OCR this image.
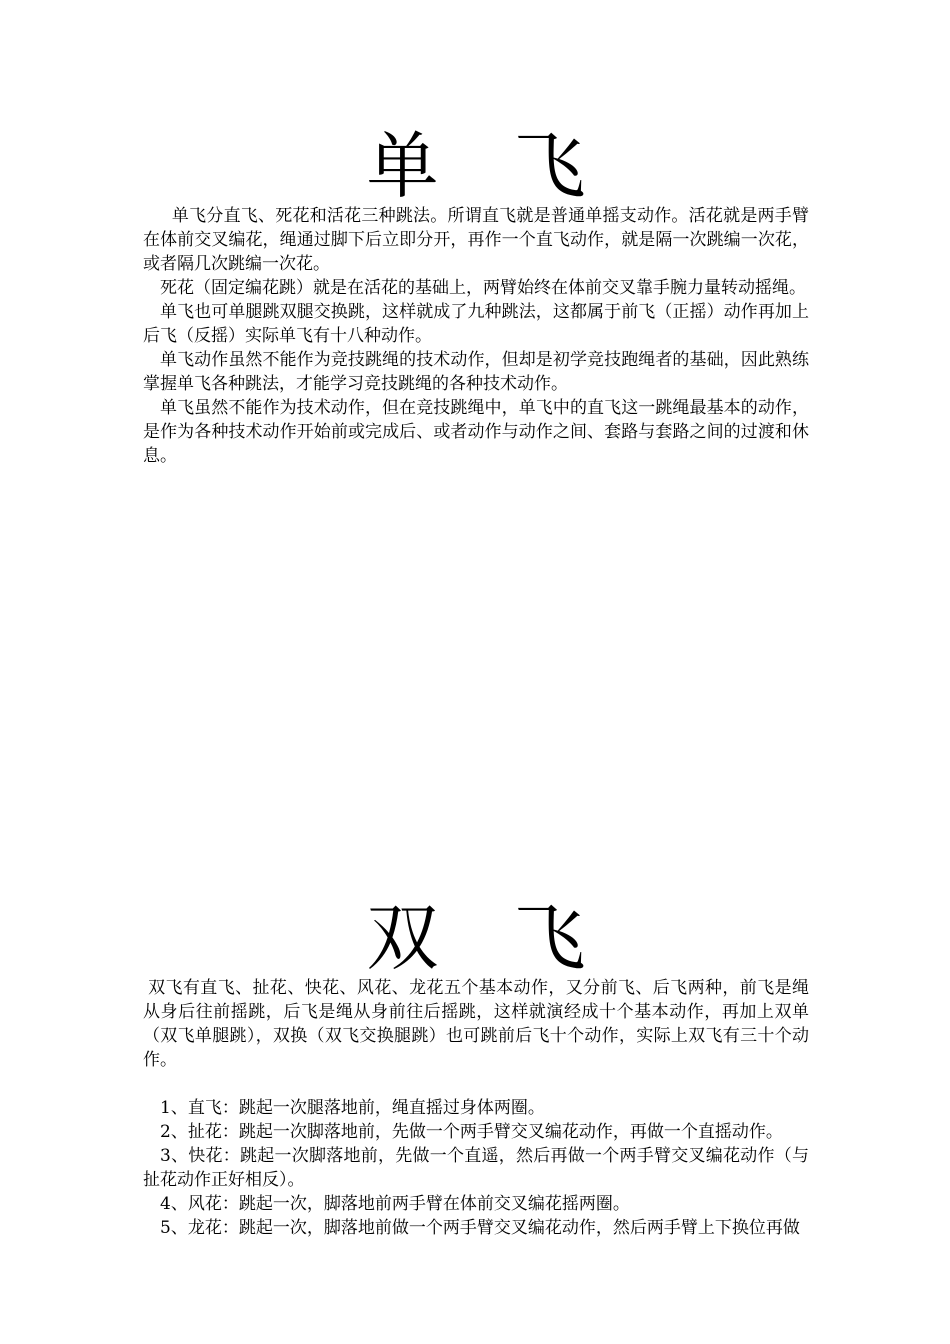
单 飞

单飞分直飞、死花和活花三种跳法。所谓直飞就是普通单摇支动作。活花就是两手臂在体前交叉编花，绳通过脚下后立即分开，再作一个直飞动作，就是隔一次跳编一次花，或者隔几次跳编一次花。

死花（固定编花跳）就是在活花的基础上，两臂始终在体前交叉靠手腕力量转动摇绳。

单飞也可单腿跳双腿交换跳，这样就成了九种跳法，这都属于前飞（正摇）动作再加上后飞（反摇）实际单飞有十八种动作。

单飞动作虽然不能作为竞技跳绳的技术动作，但却是初学竞技跑绳者的基础，因此熟练掌握单飞各种跳法，才能学习竞技跳绳的各种技术动作。

单飞虽然不能作为技术动作，但在竞技跳绳中，单飞中的直飞这一跳绳最基本的动作，是作为各种技术动作开始前或完成后、或者动作与动作之间、套路与套路之间的过渡和休息。

双 飞

双飞有直飞、扯花、快花、风花、龙花五个基本动作，又分前飞、后飞两种，前飞是绳从身后往前摇跳，后飞是绳从身前往后摇跳，这样就演经成十个基本动作，再加上双单（双飞单腿跳），双换（双飞交换腿跳）也可跳前后飞十个动作，实际上双飞有三十个动作。

1、直飞：跳起一次腿落地前，绳直摇过身体两圈。

2、扯花：跳起一次脚落地前，先做一个两手臂交叉编花动作，再做一个直摇动作。

3、快花：跳起一次脚落地前，先做一个直遥，然后再做一个两手臂交叉编花动作（与扯花动作正好相反）。

4、风花：跳起一次，脚落地前两手臂在体前交叉编花摇两圈。

5、龙花：跳起一次，脚落地前做一个两手臂交叉编花动作，然后两手臂上下换位再做
